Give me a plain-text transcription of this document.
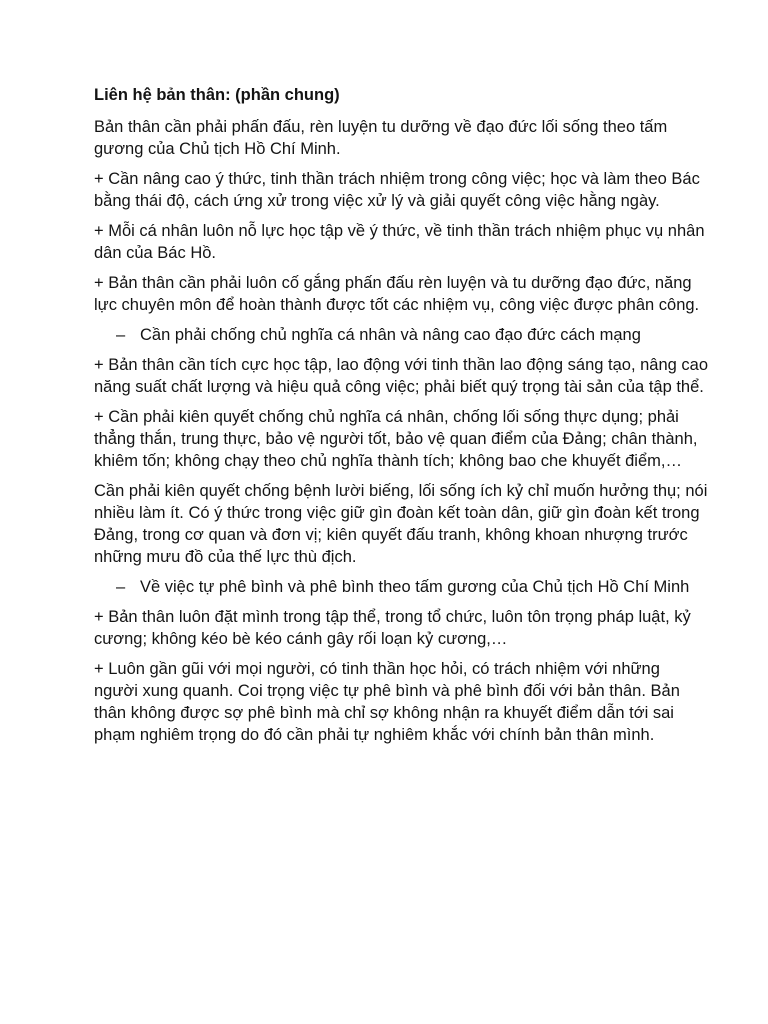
Liên hệ bản thân: (phần chung)

Bản thân cần phải phấn đấu, rèn luyện tu dưỡng về đạo đức lối sống theo tấm gương của Chủ tịch Hồ Chí Minh.

+ Cần nâng cao ý thức, tinh thần trách nhiệm trong công việc; học và làm theo Bác bằng thái độ, cách ứng xử trong việc xử lý và giải quyết công việc hằng ngày.

+ Mỗi cá nhân luôn nỗ lực học tập về ý thức, về tinh thần trách nhiệm phục vụ nhân dân của Bác Hồ.

+ Bản thân cần phải luôn cố gắng phấn đấu rèn luyện và tu dưỡng đạo đức, năng lực chuyên môn để hoàn thành được tốt các nhiệm vụ, công việc được phân công.

– Cần phải chống chủ nghĩa cá nhân và nâng cao đạo đức cách mạng

+ Bản thân cần tích cực học tập, lao động với tinh thần lao động sáng tạo, nâng cao năng suất chất lượng và hiệu quả công việc; phải biết quý trọng tài sản của tập thể.

+ Cần phải kiên quyết chống chủ nghĩa cá nhân, chống lối sống thực dụng; phải thẳng thắn, trung thực, bảo vệ người tốt, bảo vệ quan điểm của Đảng; chân thành, khiêm tốn; không chạy theo chủ nghĩa thành tích; không bao che khuyết điểm,…

Cần phải kiên quyết chống bệnh lười biếng, lối sống ích kỷ chỉ muốn hưởng thụ; nói nhiều làm ít. Có ý thức trong việc giữ gìn đoàn kết toàn dân, giữ gìn đoàn kết trong Đảng, trong cơ quan và đơn vị; kiên quyết đấu tranh, không khoan nhượng trước những mưu đồ của thế lực thù địch.

– Về việc tự phê bình và phê bình theo tấm gương của Chủ tịch Hồ Chí Minh

+ Bản thân luôn đặt mình trong tập thể, trong tổ chức, luôn tôn trọng pháp luật, kỷ cương; không kéo bè kéo cánh gây rối loạn kỷ cương,…

+ Luôn gần gũi với mọi người, có tinh thần học hỏi, có trách nhiệm với những người xung quanh. Coi trọng việc tự phê bình và phê bình đối với bản thân. Bản thân không được sợ phê bình mà chỉ sợ không nhận ra khuyết điểm dẫn tới sai phạm nghiêm trọng do đó cần phải tự nghiêm khắc với chính bản thân mình.
